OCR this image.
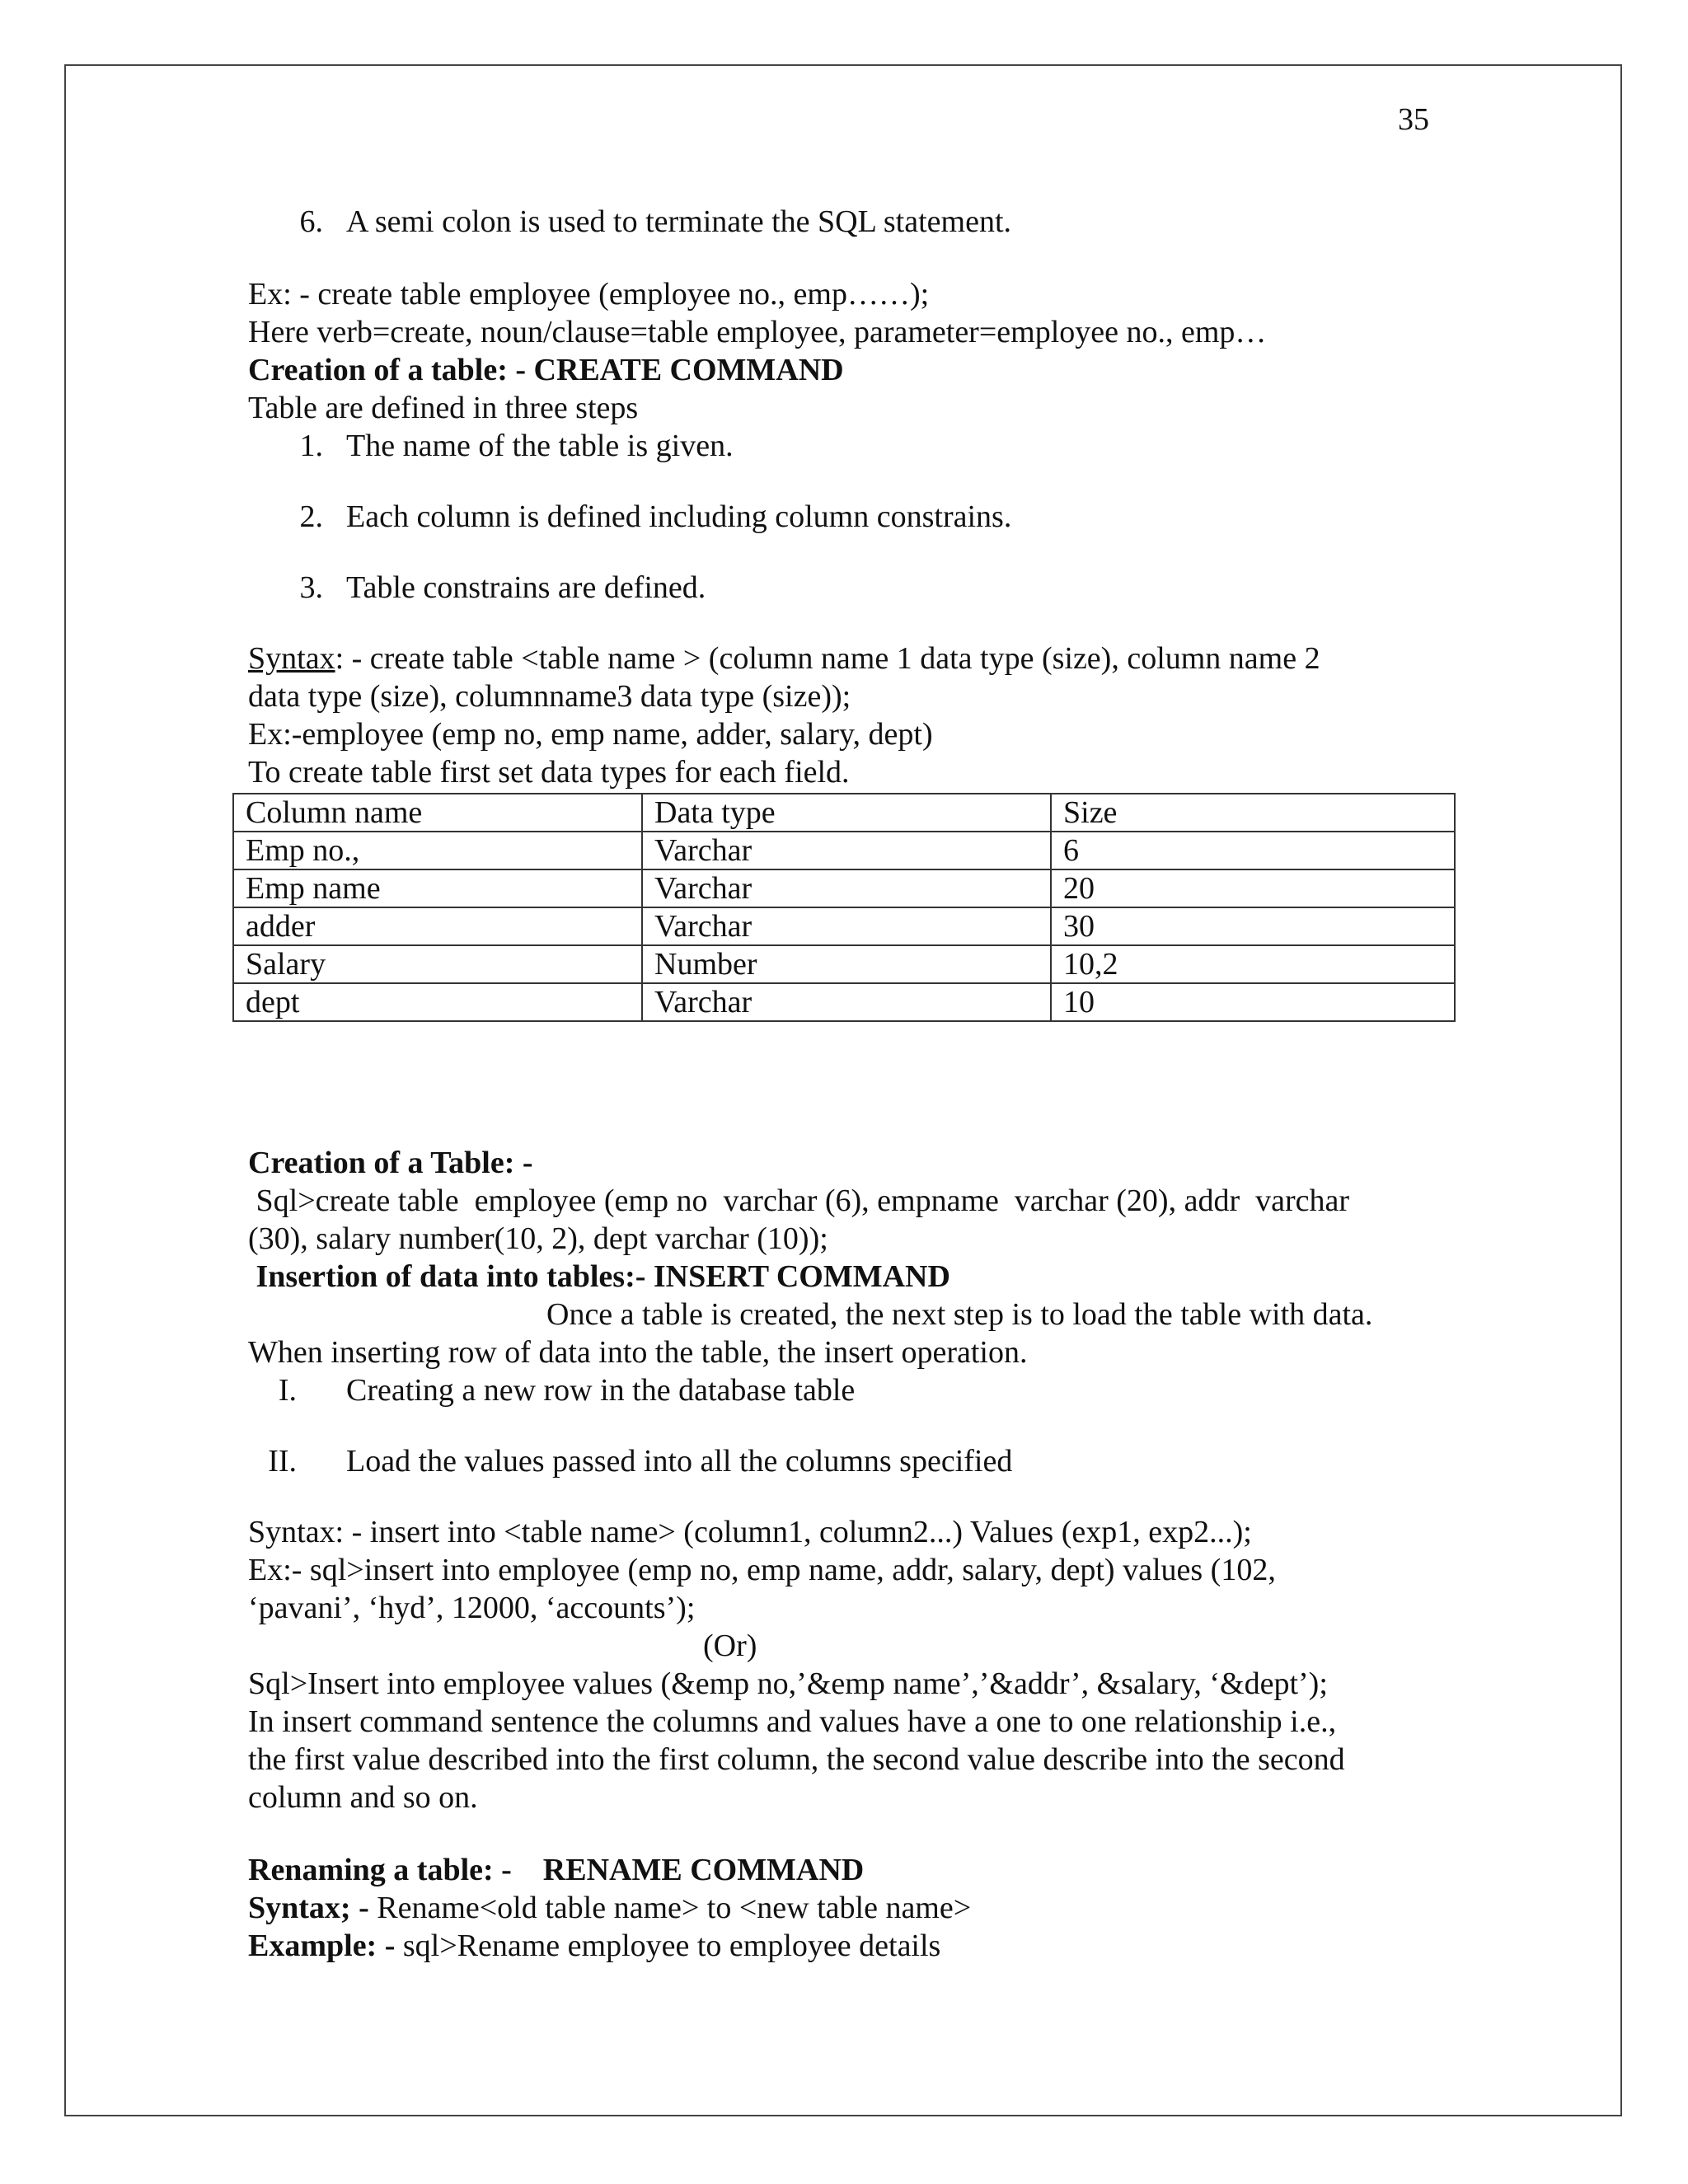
35
6. A semi colon is used to terminate the SQL statement.
Ex: - create table employee (employee no., emp……);
Here verb=create, noun/clause=table employee, parameter=employee no., emp…
Creation of a table: - CREATE COMMAND
Table are defined in three steps
1. The name of the table is given.
2. Each column is defined including column constrains.
3. Table constrains are defined.
Syntax: - create table <table name > (column name 1 data type (size), column name 2
data type (size), columnname3 data type (size));
Ex:-employee (emp no, emp name, adder, salary, dept)
To create table first set data types for each field.
Column name	Data type	Size
Emp no.,	Varchar	6
Emp name	Varchar	20
adder	Varchar	30
Salary	Number	10,2
dept	Varchar	10
Creation of a Table: -
Sql>create table  employee (emp no  varchar (6), empname  varchar (20), addr  varchar
(30), salary number(10, 2), dept varchar (10));
Insertion of data into tables:- INSERT COMMAND
Once a table is created, the next step is to load the table with data.
When inserting row of data into the table, the insert operation.
I. Creating a new row in the database table
II. Load the values passed into all the columns specified
Syntax: - insert into <table name> (column1, column2...) Values (exp1, exp2...);
Ex:- sql>insert into employee (emp no, emp name, addr, salary, dept) values (102,
‘pavani’, ‘hyd’, 12000, ‘accounts’);
(Or)
Sql>Insert into employee values (&emp no,’&emp name’,’&addr’, &salary, ‘&dept’);
In insert command sentence the columns and values have a one to one relationship i.e.,
the first value described into the first column, the second value describe into the second
column and so on.
Renaming a table: -    RENAME COMMAND
Syntax; - Rename<old table name> to <new table name>
Example: - sql>Rename employee to employee details
